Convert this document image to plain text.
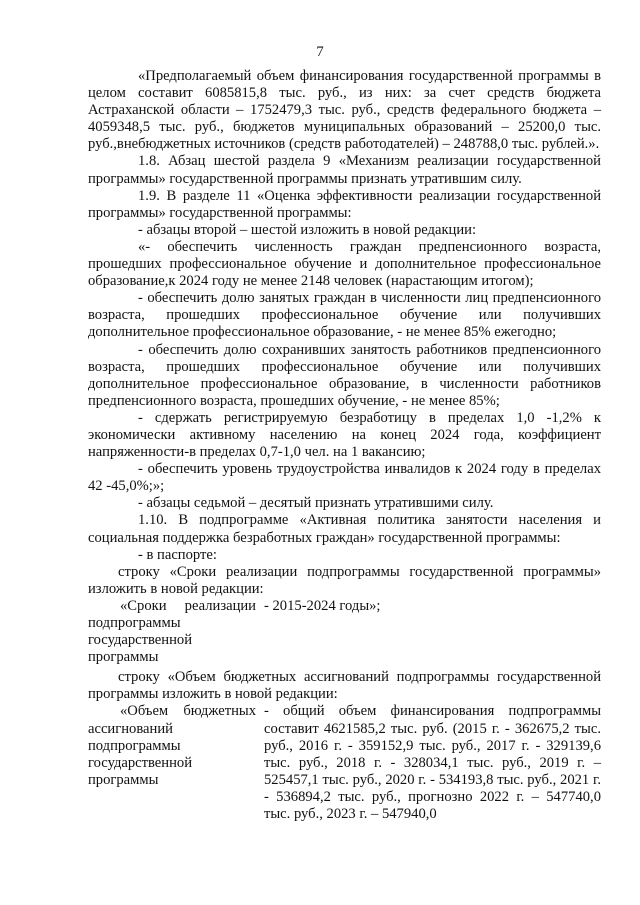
7

«Предполагаемый объем финансирования государственной программы в целом составит 6085815,8 тыс. руб., из них: за счет средств бюджета Астраханской области – 1752479,3 тыс. руб., средств федерального бюджета – 4059348,5 тыс. руб., бюджетов муниципальных образований – 25200,0 тыс. руб.,внебюджетных источников (средств работодателей) – 248788,0 тыс. рублей.».

1.8. Абзац шестой раздела 9 «Механизм реализации государственной программы» государственной программы признать утратившим силу.

1.9. В разделе 11 «Оценка эффективности реализации государственной программы» государственной программы:

- абзацы второй – шестой изложить в новой редакции:

«- обеспечить численность граждан предпенсионного возраста, прошедших профессиональное обучение и дополнительное профессиональное образование,к 2024 году не менее 2148 человек (нарастающим итогом);

- обеспечить долю занятых граждан в численности лиц предпенсионного возраста, прошедших профессиональное обучение или получивших дополнительное профессиональное образование, - не менее 85% ежегодно;

- обеспечить долю сохранивших занятость работников предпенсионного возраста, прошедших профессиональное обучение или получивших дополнительное профессиональное образование, в численности работников предпенсионного возраста, прошедших обучение, - не менее 85%;

- сдержать регистрируемую безработицу в пределах 1,0 -1,2% к экономически активному населению на конец 2024 года, коэффициент напряженности-в пределах 0,7-1,0 чел. на 1 вакансию;

- обеспечить уровень трудоустройства инвалидов к 2024 году в пределах 42 -45,0%;»;

- абзацы седьмой – десятый признать утратившими силу.

1.10. В подпрограмме «Активная политика занятости населения и социальная поддержка безработных граждан» государственной программы:

- в паспорте:

строку «Сроки реализации подпрограммы государственной программы» изложить в новой редакции:

«Сроки реализации подпрограммы государственной программы
- 2015-2024 годы»;

строку «Объем бюджетных ассигнований подпрограммы государственной программы изложить в новой редакции:

«Объем бюджетных ассигнований подпрограммы государственной программы
- общий объем финансирования подпрограммы составит 4621585,2 тыс. руб. (2015 г. - 362675,2 тыс. руб., 2016 г. - 359152,9 тыс. руб., 2017 г. - 329139,6 тыс. руб., 2018 г. - 328034,1 тыс. руб., 2019 г. – 525457,1 тыс. руб., 2020 г. - 534193,8 тыс. руб., 2021 г. - 536894,2 тыс. руб., прогнозно 2022 г. – 547740,0 тыс. руб., 2023 г. – 547940,0
